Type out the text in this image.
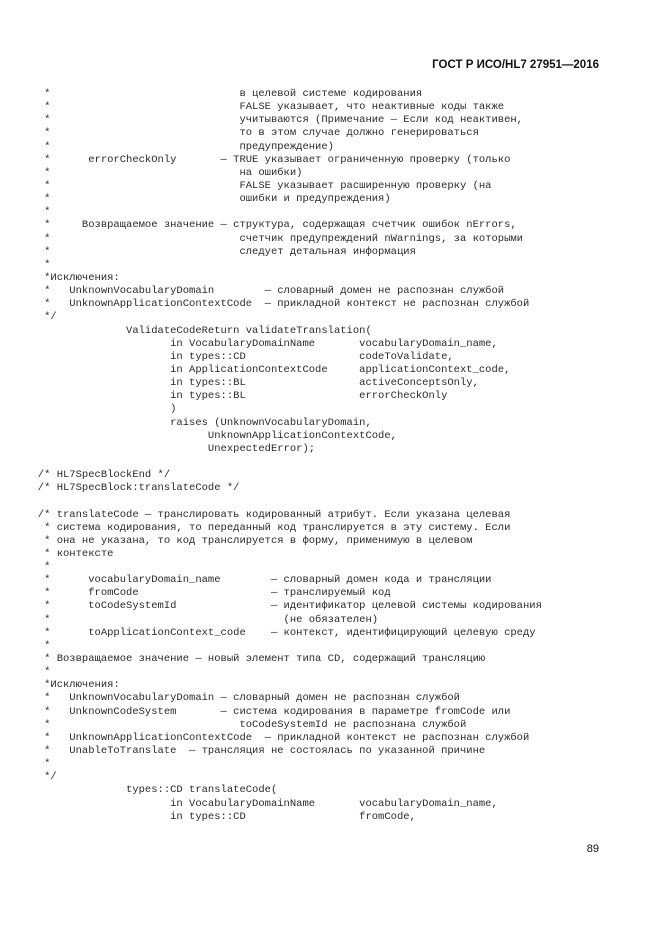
ГОСТ Р ИСО/HL7 27951—2016
*                              в целевой системе кодирования
*                              FALSE указывает, что неактивные коды также
*                              учитываются (Примечание — Если код неактивен,
*                              то в этом случае должно генерироваться
*                              предупреждение)
*      errorCheckOnly       — TRUE указывает ограниченную проверку (только
*                              на ошибки)
*                              FALSE указывает расширенную проверку (на
*                              ошибки и предупреждения)
*
*     Возвращаемое значение — структура, содержащая счетчик ошибок nErrors,
*                              счетчик предупреждений nWarnings, за которыми
*                              следует детальная информация
*
*Исключения:
*   UnknownVocabularyDomain        — словарный домен не распознан службой
*   UnknownApplicationContextCode  — прикладной контекст не распознан службой
*/
ValidateCodeReturn validateTranslation(
in VocabularyDomainName       vocabularyDomain_name,
in types::CD                  codeToValidate,
in ApplicationContextCode     applicationContext_code,
in types::BL                  activeConceptsOnly,
in types::BL                  errorCheckOnly
)
raises (UnknownVocabularyDomain,
UnknownApplicationContextCode,
UnexpectedError);
/* HL7SpecBlockEnd */
/* HL7SpecBlock:translateCode */
/* translateCode — транслировать кодированный атрибут. Если указана целевая
* система кодирования, то переданный код транслируется в эту систему. Если
* она не указана, то код транслируется в форму, применимую в целевом
* контексте
*
*      vocabularyDomain_name        — словарный домен кода и трансляции
*      fromCode                     — транслируемый код
*      toCodeSystemId               — идентификатор целевой системы кодирования
*                                     (не обязателен)
*      toApplicationContext_code    — контекст, идентифицирующий целевую среду
*
* Возвращаемое значение — новый элемент типа CD, содержащий трансляцию
*
*Исключения:
*   UnknownVocabularyDomain — словарный домен не распознан службой
*   UnknownCodeSystem       — система кодирования в параметре fromCode или
*                              toCodeSystemId не распознана службой
*   UnknownApplicationContextCode  — прикладной контекст не распознан службой
*   UnableToTranslate  — трансляция не состоялась по указанной причине
*
*/
types::CD translateCode(
in VocabularyDomainName       vocabularyDomain_name,
in types::CD                  fromCode,
89
